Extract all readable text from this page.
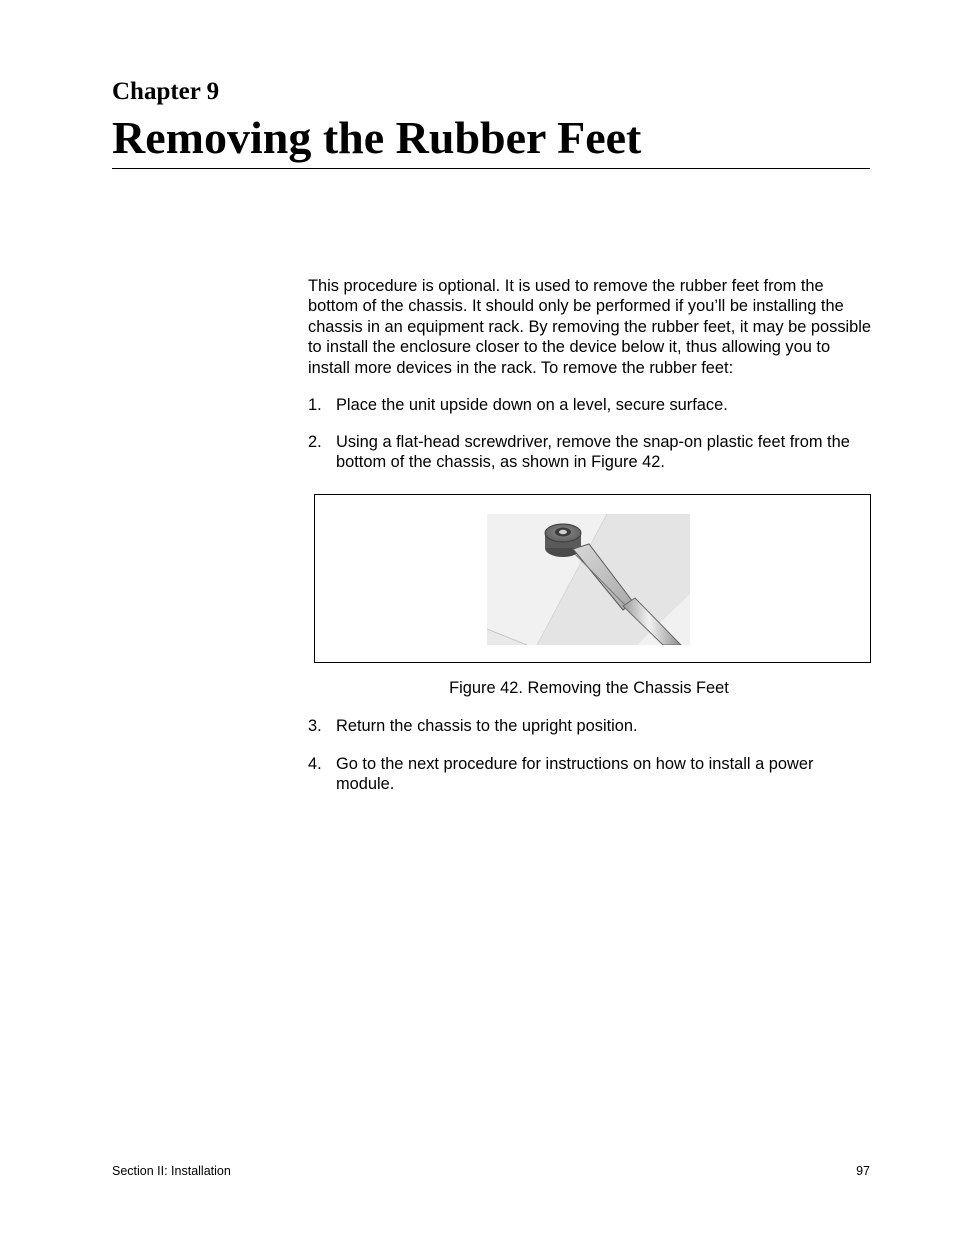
Chapter 9
Removing the Rubber Feet

This procedure is optional. It is used to remove the rubber feet from the bottom of the chassis. It should only be performed if you’ll be installing the chassis in an equipment rack. By removing the rubber feet, it may be possible to install the enclosure closer to the device below it, thus allowing you to install more devices in the rack. To remove the rubber feet:

1. Place the unit upside down on a level, secure surface.
2. Using a flat-head screwdriver, remove the snap-on plastic feet from the bottom of the chassis, as shown in Figure 42.
Figure 42. Removing the Chassis Feet
3. Return the chassis to the upright position.
4. Go to the next procedure for instructions on how to install a power module.
Section II: Installation	97
